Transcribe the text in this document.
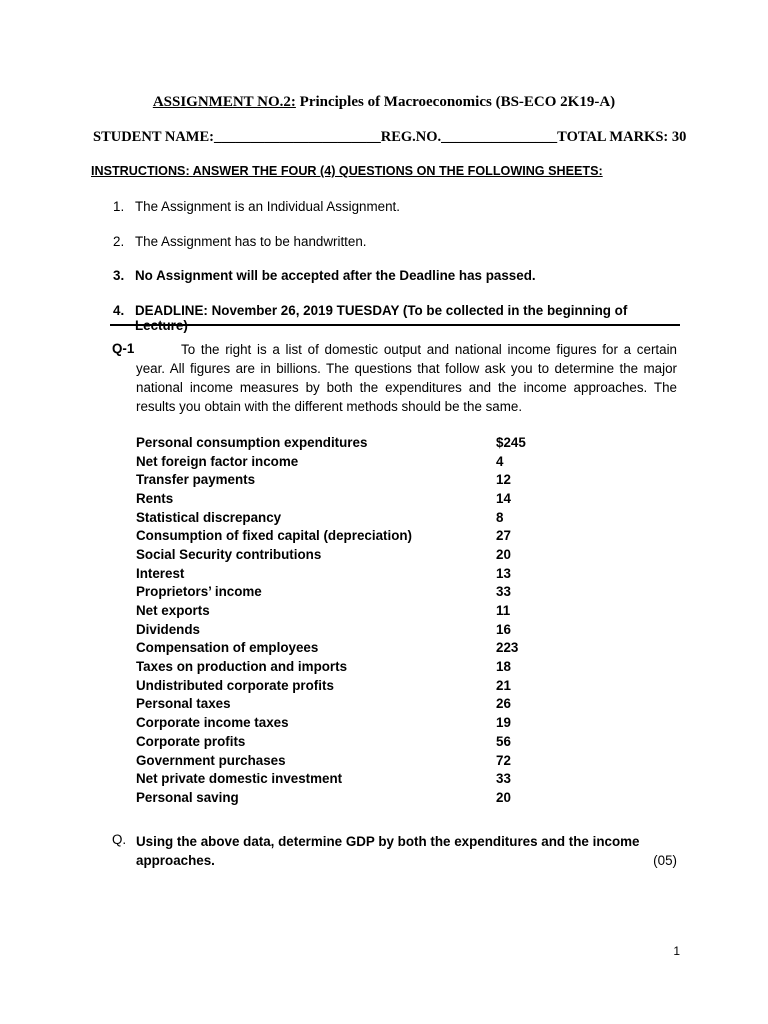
ASSIGNMENT NO.2: Principles of Macroeconomics (BS-ECO 2K19-A)
STUDENT NAME:_______________________REG.NO.________________TOTAL MARKS: 30
INSTRUCTIONS: ANSWER THE FOUR (4) QUESTIONS ON THE FOLLOWING SHEETS:
1. The Assignment is an Individual Assignment.
2. The Assignment has to be handwritten.
3. No Assignment will be accepted after the Deadline has passed.
4. DEADLINE: November 26, 2019 TUESDAY (To be collected in the beginning of Lecture)
Q-1	To the right is a list of domestic output and national income figures for a certain year. All figures are in billions. The questions that follow ask you to determine the major national income measures by both the expenditures and the income approaches. The results you obtain with the different methods should be the same.
Personal consumption expenditures	$245
Net foreign factor income	4
Transfer payments	12
Rents	14
Statistical discrepancy	8
Consumption of fixed capital (depreciation)	27
Social Security contributions	20
Interest	13
Proprietors’ income	33
Net exports	11
Dividends	16
Compensation of employees	223
Taxes on production and imports	18
Undistributed corporate profits	21
Personal taxes	26
Corporate income taxes	19
Corporate profits	56
Government purchases	72
Net private domestic investment	33
Personal saving	20
Q. Using the above data, determine GDP by both the expenditures and the income
approaches.	(05)
1
